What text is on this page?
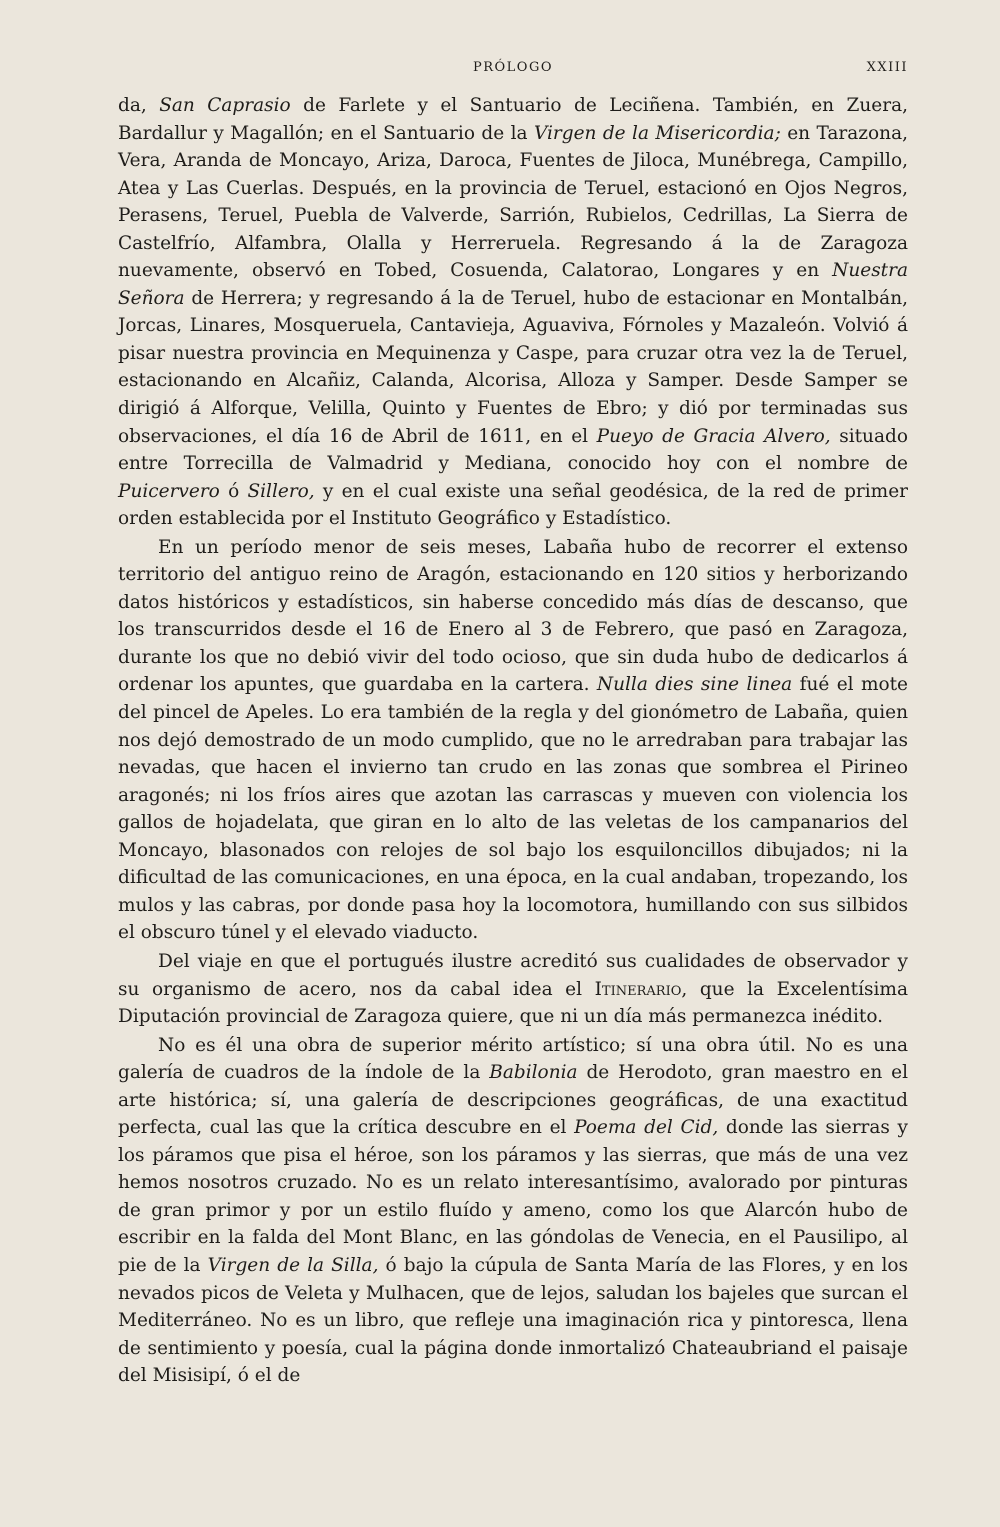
PRÓLOGO	XXIII

da, San Caprasio de Farlete y el Santuario de Leciñena. También, en Zuera, Bardallur y Magallón; en el Santuario de la Virgen de la Misericordia; en Tarazona, Vera, Aranda de Moncayo, Ariza, Daroca, Fuentes de Jiloca, Munébrega, Campillo, Atea y Las Cuerlas. Después, en la provincia de Teruel, estacionó en Ojos Negros, Perasens, Teruel, Puebla de Valverde, Sarrión, Rubielos, Cedrillas, La Sierra de Castelfrío, Alfambra, Olalla y Herreruela. Regresando á la de Zaragoza nuevamente, observó en Tobed, Cosuenda, Calatorao, Longares y en Nuestra Señora de Herrera; y regresando á la de Teruel, hubo de estacionar en Montalbán, Jorcas, Linares, Mosqueruela, Cantavieja, Aguaviva, Fórnoles y Mazaleón. Volvió á pisar nuestra provincia en Mequinenza y Caspe, para cruzar otra vez la de Teruel, estacionando en Alcañiz, Calanda, Alcorisa, Alloza y Samper. Desde Samper se dirigió á Alforque, Velilla, Quinto y Fuentes de Ebro; y dió por terminadas sus observaciones, el día 16 de Abril de 1611, en el Pueyo de Gracia Alvero, situado entre Torrecilla de Valmadrid y Mediana, conocido hoy con el nombre de Puicervero ó Sillero, y en el cual existe una señal geodésica, de la red de primer orden establecida por el Instituto Geográfico y Estadístico.

En un período menor de seis meses, Labaña hubo de recorrer el extenso territorio del antiguo reino de Aragón, estacionando en 120 sitios y herborizando datos históricos y estadísticos, sin haberse concedido más días de descanso, que los transcurridos desde el 16 de Enero al 3 de Febrero, que pasó en Zaragoza, durante los que no debió vivir del todo ocioso, que sin duda hubo de dedicarlos á ordenar los apuntes, que guardaba en la cartera. Nulla dies sine linea fué el mote del pincel de Apeles. Lo era también de la regla y del gionómetro de Labaña, quien nos dejó demostrado de un modo cumplido, que no le arredraban para trabajar las nevadas, que hacen el invierno tan crudo en las zonas que sombrea el Pirineo aragonés; ni los fríos aires que azotan las carrascas y mueven con violencia los gallos de hojadelata, que giran en lo alto de las veletas de los campanarios del Moncayo, blasonados con relojes de sol bajo los esquiloncillos dibujados; ni la dificultad de las comunicaciones, en una época, en la cual andaban, tropezando, los mulos y las cabras, por donde pasa hoy la locomotora, humillando con sus silbidos el obscuro túnel y el elevado viaducto.

Del viaje en que el portugués ilustre acreditó sus cualidades de observador y su organismo de acero, nos da cabal idea el Itinerario, que la Excelentísima Diputación provincial de Zaragoza quiere, que ni un día más permanezca inédito.

No es él una obra de superior mérito artístico; sí una obra útil. No es una galería de cuadros de la índole de la Babilonia de Herodoto, gran maestro en el arte histórica; sí, una galería de descripciones geográficas, de una exactitud perfecta, cual las que la crítica descubre en el Poema del Cid, donde las sierras y los páramos que pisa el héroe, son los páramos y las sierras, que más de una vez hemos nosotros cruzado. No es un relato interesantísimo, avalorado por pinturas de gran primor y por un estilo fluído y ameno, como los que Alarcón hubo de escribir en la falda del Mont Blanc, en las góndolas de Venecia, en el Pausilipo, al pie de la Virgen de la Silla, ó bajo la cúpula de Santa María de las Flores, y en los nevados picos de Veleta y Mulhacen, que de lejos, saludan los bajeles que surcan el Mediterráneo. No es un libro, que refleje una imaginación rica y pintoresca, llena de sentimiento y poesía, cual la página donde inmortalizó Chateaubriand el paisaje del Misisipí, ó el de
